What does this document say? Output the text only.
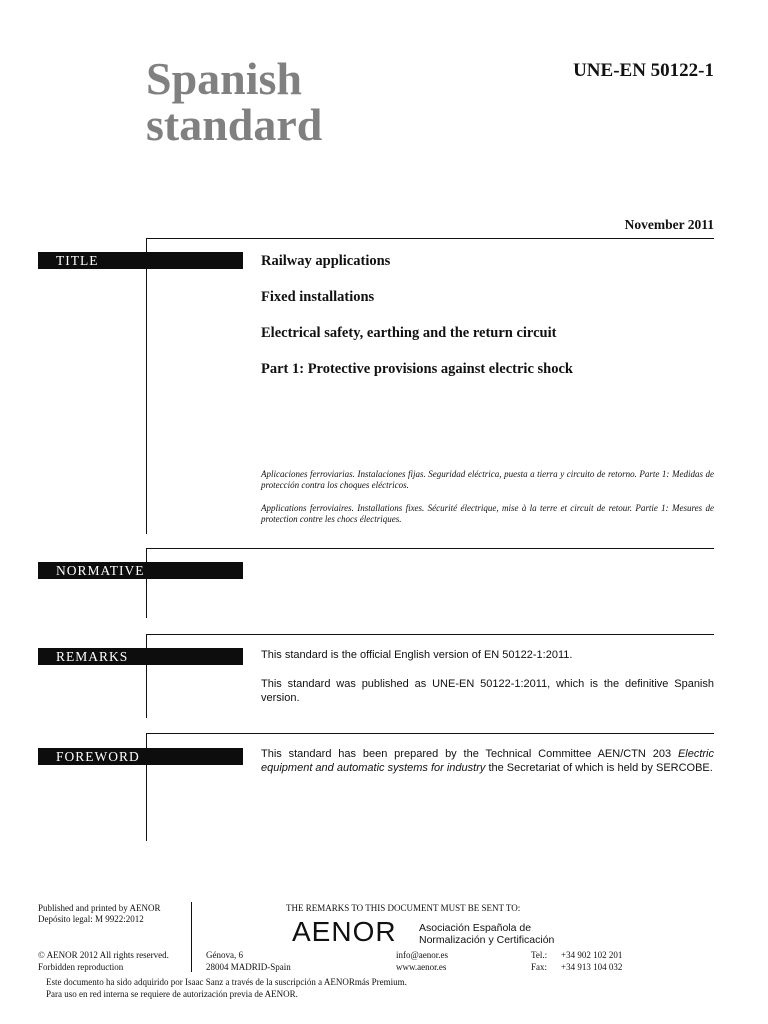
Spanish
standard
UNE-EN 50122-1
November 2011
TITLE	Railway applications
Fixed installations
Electrical safety, earthing and the return circuit
Part 1: Protective provisions against electric shock
Aplicaciones ferroviarias. Instalaciones fijas. Seguridad eléctrica, puesta a tierra y circuito de retorno. Parte 1: Medidas de protección contra los choques eléctricos.
Applications ferroviaires. Installations fixes. Sécurité électrique, mise à la terre et circuit de retour. Partie 1: Mesures de protection contre les chocs électriques.
NORMATIVE
REMARKS	This standard is the official English version of EN 50122-1:2011.
This standard was published as UNE-EN 50122-1:2011, which is the definitive Spanish version.
FOREWORD	This standard has been prepared by the Technical Committee AEN/CTN 203 Electric equipment and automatic systems for industry the Secretariat of which is held by SERCOBE.
Published and printed by AENOR
Depósito legal: M 9922:2012
© AENOR 2012 All rights reserved.
Forbidden reproduction
THE REMARKS TO THIS DOCUMENT MUST BE SENT TO:
AENOR Asociación Española de
Normalización y Certificación
Génova, 6
28004 MADRID-Spain
info@aenor.es
www.aenor.es
Tel.: +34 902 102 201
Fax: +34 913 104 032
Este documento ha sido adquirido por Isaac Sanz a través de la suscripción a AENORmás Premium.
Para uso en red interna se requiere de autorización previa de AENOR.
